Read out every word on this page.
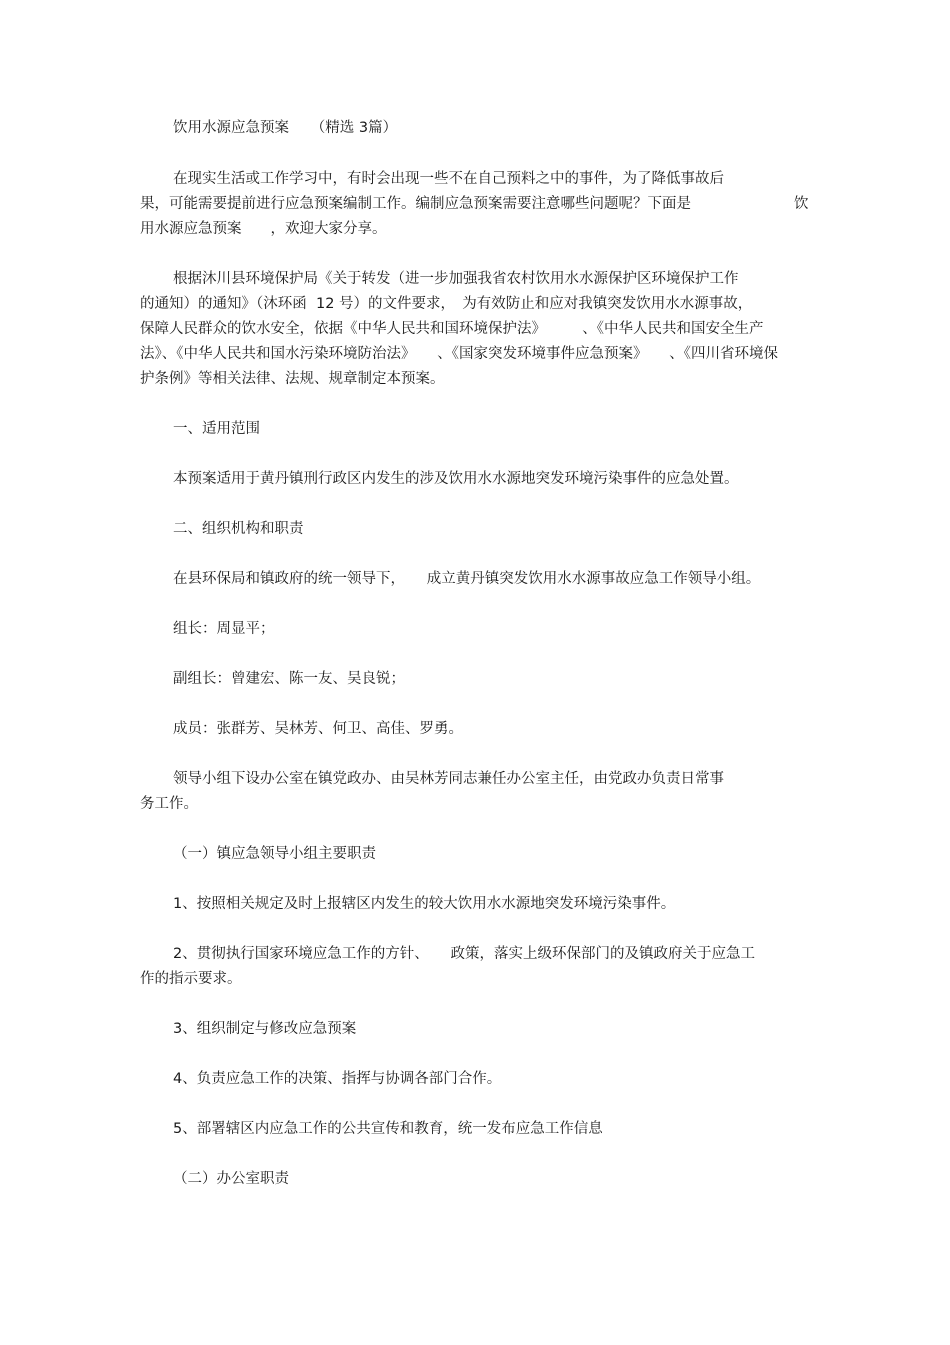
饮用水源应急预案　　（精选 3篇）
在现实生活或工作学习中，有时会出现一些不在自己预料之中的事件，为了降低事故后
果，可能需要提前进行应急预案编制工作。编制应急预案需要注意哪些问题呢？下面是	饮
用水源应急预案　　，欢迎大家分享。
根据沐川县环境保护局《关于转发（进一步加强我省农村饮用水水源保护区环境保护工作
的通知）的通知》（沐环函  12 号）的文件要求，　为有效防止和应对我镇突发饮用水水源事故，
保障人民群众的饮水安全，依据《中华人民共和国环境保护法》　　　、《中华人民共和国安全生产
法》、《中华人民共和国水污染环境防治法》　　、《国家突发环境事件应急预案》　　、《四川省环境保
护条例》等相关法律、法规、规章制定本预案。
一、适用范围
本预案适用于黄丹镇刑行政区内发生的涉及饮用水水源地突发环境污染事件的应急处置。
二、组织机构和职责
在县环保局和镇政府的统一领导下，　　成立黄丹镇突发饮用水水源事故应急工作领导小组。
组长：周显平；
副组长：曾建宏、陈一友、吴良锐；
成员：张群芳、吴林芳、何卫、高佳、罗勇。
领导小组下设办公室在镇党政办、由吴林芳同志兼任办公室主任，由党政办负责日常事
务工作。
（一）镇应急领导小组主要职责
1、按照相关规定及时上报辖区内发生的较大饮用水水源地突发环境污染事件。
2、贯彻执行国家环境应急工作的方针、　　政策，落实上级环保部门的及镇政府关于应急工
作的指示要求。
3、组织制定与修改应急预案
4、负责应急工作的决策、指挥与协调各部门合作。
5、部署辖区内应急工作的公共宣传和教育，统一发布应急工作信息
（二）办公室职责
